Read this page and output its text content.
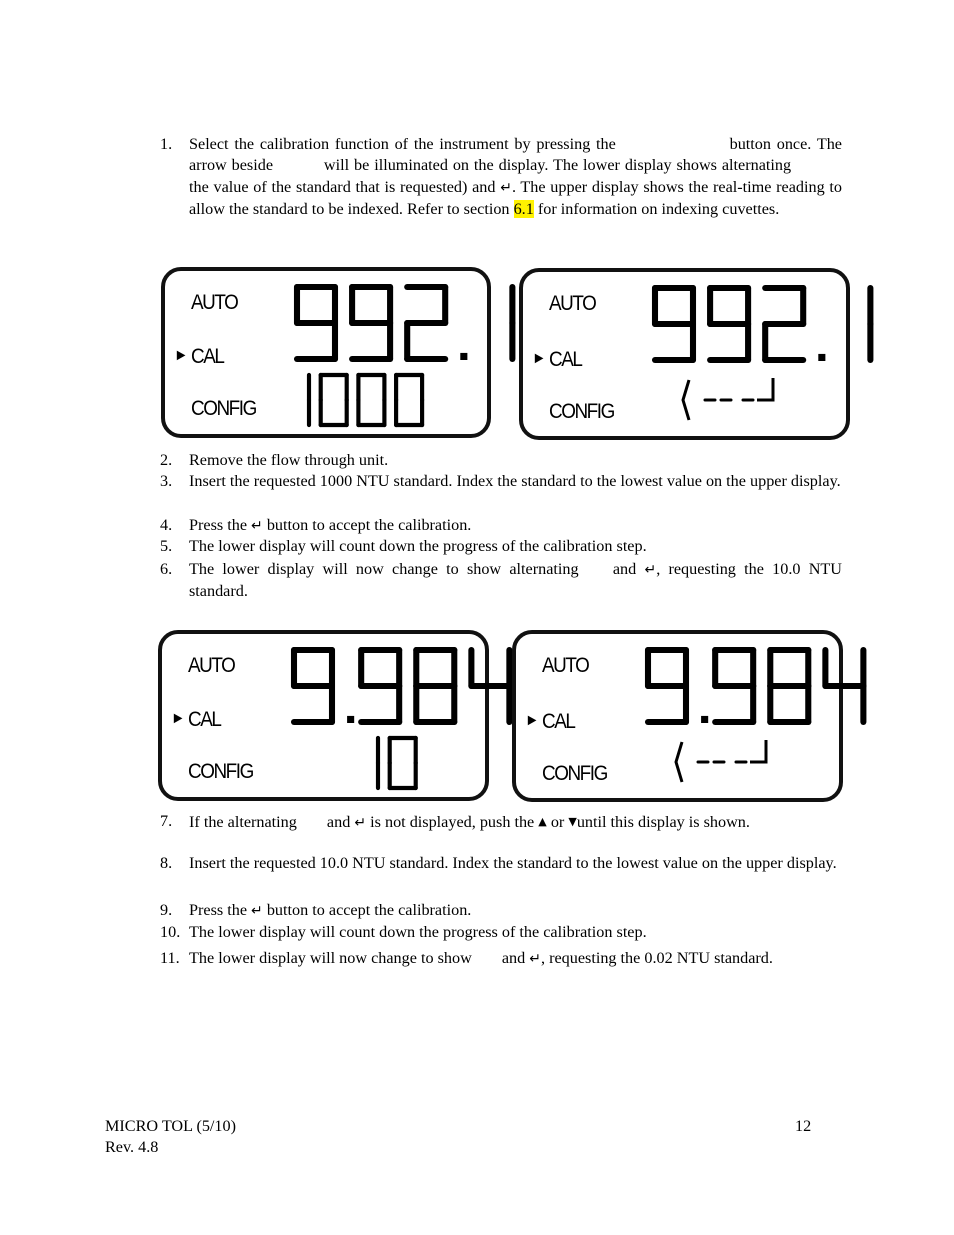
1. Select the calibration function of the instrument by pressing the	button once. The arrow beside	will be illuminated on the display. The lower display shows alternating the value of the standard that is requested) and ↵. The upper display shows the real-time reading to allow the standard to be indexed. Refer to section 6.1 for information on indexing cuvettes.
AUTO
► CAL
CONFIG
AUTO
► CAL
CONFIG
2. Remove the flow through unit.
3. Insert the requested 1000 NTU standard. Index the standard to the lowest value on the upper display.
4. Press the ↵ button to accept the calibration.
5. The lower display will count down the progress of the calibration step.
6. The lower display will now change to show alternating and ↵, requesting the 10.0 NTU standard.
AUTO
► CAL
CONFIG
AUTO
► CAL
CONFIG
7. If the alternating and ↵ is not displayed, push the ▲ or ▼until this display is shown.
8. Insert the requested 10.0 NTU standard. Index the standard to the lowest value on the upper display.
9. Press the ↵ button to accept the calibration.
10. The lower display will count down the progress of the calibration step.
11. The lower display will now change to show and ↵, requesting the 0.02 NTU standard.
MICRO TOL (5/10)
Rev. 4.8
12
